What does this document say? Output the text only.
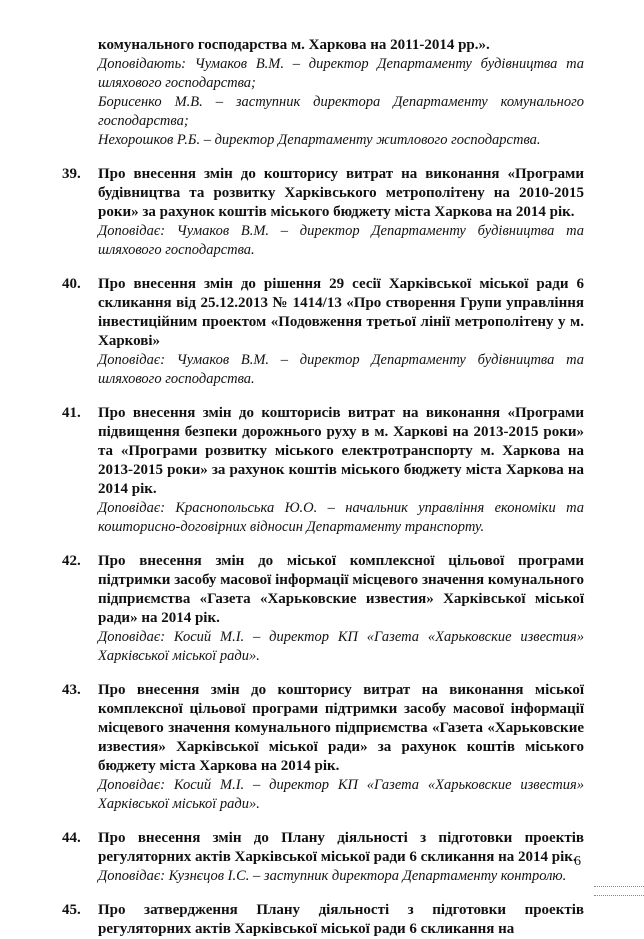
комунального господарства м. Харкова на 2011-2014 рр.».
Доповідають: Чумаков В.М. – директор Департаменту будівництва та шляхового господарства;
Борисенко М.В. – заступник директора Департаменту комунального господарства;
Нехорошков Р.Б. – директор Департаменту житлового господарства.
39. Про внесення змін до кошторису витрат на виконання «Програми будівництва та розвитку Харківського метрополітену на 2010-2015 роки» за рахунок коштів міського бюджету міста Харкова на 2014 рік.
Доповідає: Чумаков В.М. – директор Департаменту будівництва та шляхового господарства.
40. Про внесення змін до рішення 29 сесії Харківської міської ради 6 скликання від 25.12.2013 № 1414/13 «Про створення Групи управління інвестиційним проектом «Подовження третьої лінії метрополітену у м. Харкові»
Доповідає: Чумаков В.М. – директор Департаменту будівництва та шляхового господарства.
41. Про внесення змін до кошторисів витрат на виконання «Програми підвищення безпеки дорожнього руху в м. Харкові на 2013-2015 роки» та «Програми розвитку міського електротранспорту м. Харкова на 2013-2015 роки» за рахунок коштів міського бюджету міста Харкова на 2014 рік.
Доповідає: Краснопольська Ю.О. – начальник управління економіки та кошторисно-договірних відносин Департаменту транспорту.
42. Про внесення змін до міської комплексної цільової програми підтримки засобу масової інформації місцевого значення комунального підприємства «Газета «Харьковские известия» Харківської міської ради» на 2014 рік.
Доповідає: Косий М.І. – директор КП «Газета «Харьковские известия» Харківської міської ради».
43. Про внесення змін до кошторису витрат на виконання міської комплексної цільової програми підтримки засобу масової інформації місцевого значення комунального підприємства «Газета «Харьковские известия» Харківської міської ради» за рахунок коштів міського бюджету міста Харкова на 2014 рік.
Доповідає: Косий М.І. – директор КП «Газета «Харьковские известия» Харківської міської ради».
44. Про внесення змін до Плану діяльності з підготовки проектів регуляторних актів Харківської міської ради 6 скликання на 2014 рік.
Доповідає: Кузнєцов І.С. – заступник директора Департаменту контролю.
45. Про затвердження Плану діяльності з підготовки проектів регуляторних актів Харківської міської ради 6 скликання на
6
